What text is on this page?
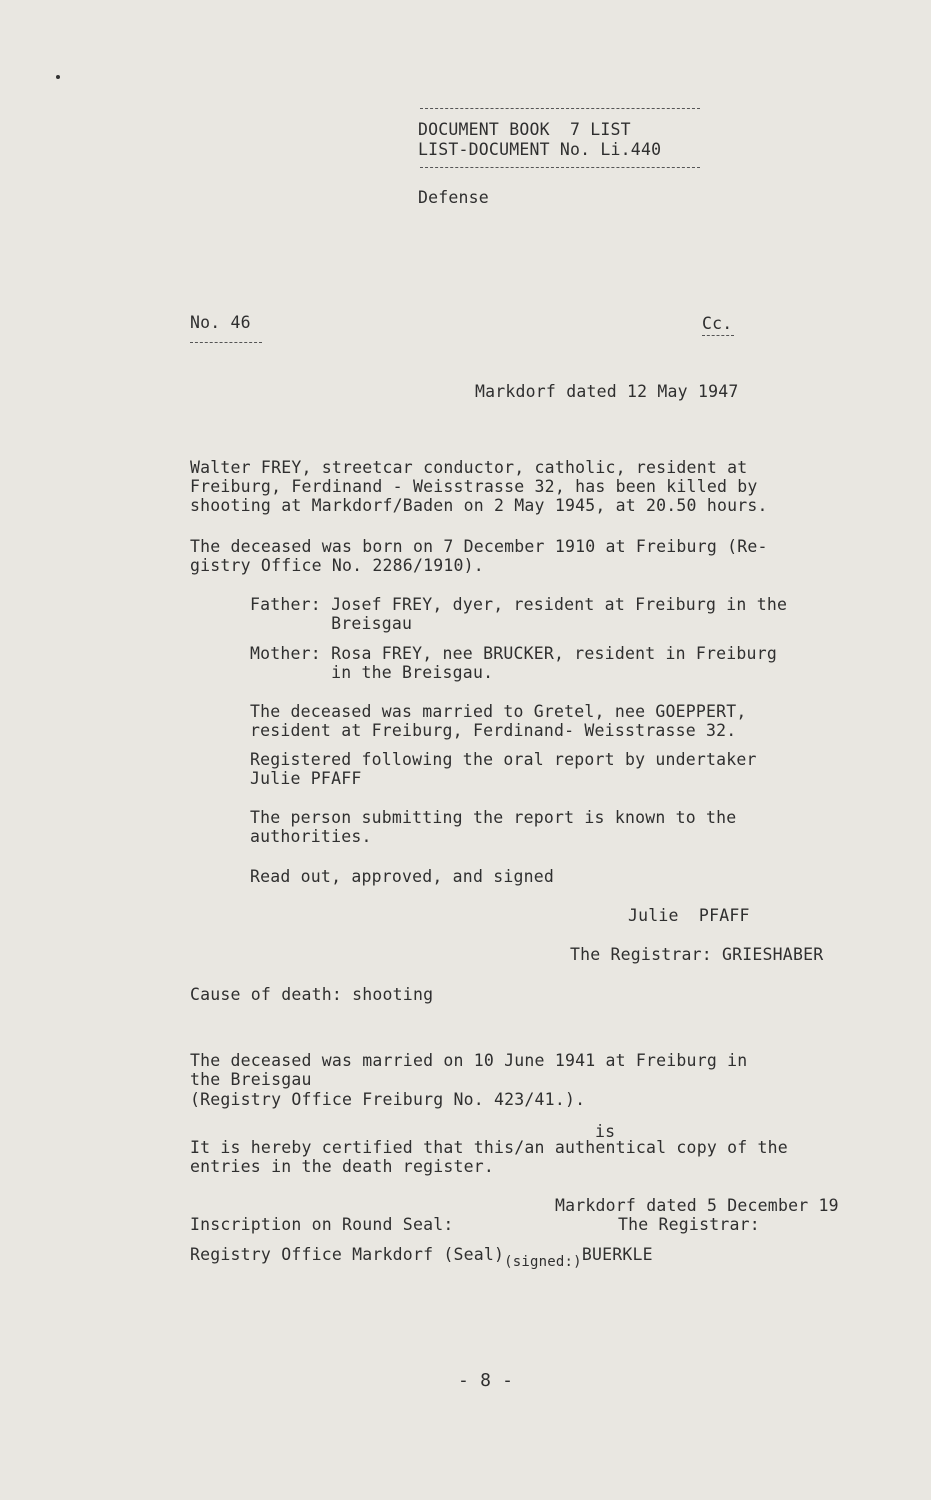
DOCUMENT BOOK  7 LIST
LIST-DOCUMENT No. Li.440
Defense
No. 46	Cc.
Markdorf dated 12 May 1947
Walter FREY, streetcar conductor, catholic, resident at
Freiburg, Ferdinand - Weisstrasse 32, has been killed by
shooting at Markdorf/Baden on 2 May 1945, at 20.50 hours.
The deceased was born on 7 December 1910 at Freiburg (Re-
gistry Office No. 2286/1910).
Father: Josef FREY, dyer, resident at Freiburg in the
Breisgau
Mother: Rosa FREY, nee BRUCKER, resident in Freiburg
in the Breisgau.
The deceased was married to Gretel, nee GOEPPERT,
resident at Freiburg, Ferdinand- Weisstrasse 32.
Registered following the oral report by undertaker
Julie PFAFF
The person submitting the report is known to the
authorities.
Read out, approved, and signed
Julie  PFAFF
The Registrar: GRIESHABER
Cause of death: shooting
The deceased was married on 10 June 1941 at Freiburg in
the Breisgau
(Registry Office Freiburg No. 423/41.).
is
It is hereby certified that this/an authentical copy of the
entries in the death register.
Markdorf dated 5 December 19
Inscription on Round Seal:	The Registrar:
Registry Office Markdorf $(Seal)_{(signed:)}BUERKLE$
- 8 -
